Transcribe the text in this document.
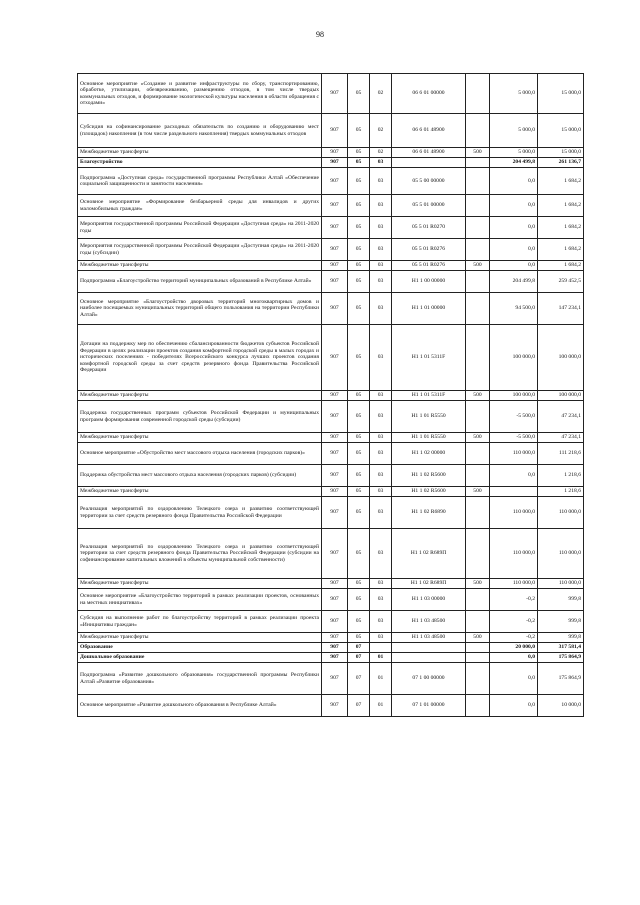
98
Основное мероприятие «Создание и развитие инфраструктуры по сбору, транспортированию, обработке, утилизации, обезвреживанию, размещению отходов, в том числе твердых коммунальных отходов, и формирование экологической культуры населения в области обращения с отходами»	907	05	02	06 6 01 00000		5 000,0	15 000,0
Субсидия на софинансирование расходных обязательств по созданию и оборудованию мест (площадок) накопления (в том числе раздельного накопления) твердых коммунальных отходов	907	05	02	06 6 01 48900		5 000,0	15 000,0
Межбюджетные трансферты	907	05	02	06 6 01 48900	500	5 000,0	15 000,0
Благоустройство	907	05	03			204 499,8	261 136,7
Подпрограмма «Доступная среда» государственной программы Республики Алтай «Обеспечение социальной защищенности и занятости населения»	907	05	03	05 5 00 00000		0,0	1 684,2
Основное мероприятие «Формирование безбарьерной среды для инвалидов и других маломобильных граждан»	907	05	03	05 5 01 00000		0,0	1 684,2
Мероприятия государственной программы Российской Федерации «Доступная среда» на 2011-2020 годы	907	05	03	05 5 01 R0270		0,0	1 684,2
Мероприятия государственной программы Российской Федерации «Доступная среда» на 2011-2020 годы (субсидии)	907	05	03	05 5 01 R0276		0,0	1 684,2
Межбюджетные трансферты	907	05	03	05 5 01 R0276	500	0,0	1 684,2
Подпрограмма «Благоустройство территорий муниципальных образований в Республике Алтай»	907	05	03	Н1 1 00 00000		204 499,8	259 452,5
Основное мероприятие «Благоустройство дворовых территорий многоквартирных домов и наиболее посещаемых муниципальных территорий общего пользования на территории Республики Алтай»	907	05	03	Н1 1 01 00000		94 500,0	147 234,1
Дотации на поддержку мер по обеспечению сбалансированности бюджетов субъектов Российской Федерации в целях реализации проектов создания комфортной городской среды в малых городах и исторических поселениях - победителях Всероссийского конкурса лучших проектов создания комфортной городской среды за счет средств резервного фонда Правительства Российской Федерации	907	05	03	Н1 1 01 5311F		100 000,0	100 000,0
Межбюджетные трансферты	907	05	03	Н1 1 01 5311F	500	100 000,0	100 000,0
Поддержка государственных программ субъектов Российской Федерации и муниципальных программ формирования современной городской среды (субсидии)	907	05	03	Н1 1 01 R5550		-5 500,0	47 234,1
Межбюджетные трансферты	907	05	03	Н1 1 01 R5550	500	-5 500,0	47 234,1
Основное мероприятие «Обустройство мест массового отдыха населения (городских парков)»	907	05	03	Н1 1 02 00000		110 000,0	111 218,6
Поддержка обустройства мест массового отдыха населения (городских парков) (субсидии)	907	05	03	Н1 1 02 R5600		0,0	1 218,6
Межбюджетные трансферты	907	05	03	Н1 1 02 R5600	500		1 218,6
Реализация мероприятий по оздоровлению Телецкого озера и развитию соответствующей территории за счет средств резервного фонда Правительства Российской Федерации	907	05	03	Н1 1 02 R6890		110 000,0	110 000,0
Реализация мероприятий по оздоровлению Телецкого озера и развитию соответствующей территории за счет средств резервного фонда Правительства Российской Федерации (субсидии на софинансирование капитальных вложений в объекты муниципальной собственности)	907	05	03	Н1 1 02 R689П		110 000,0	110 000,0
Межбюджетные трансферты	907	05	03	Н1 1 02 R689П	500	110 000,0	110 000,0
Основное мероприятие «Благоустройство территорий в рамках реализации проектов, основанных на местных инициативах»	907	05	03	Н1 1 03 00000		-0,2	999,8
Субсидия на выполнение работ по благоустройству территорий в рамках реализации проекта «Инициативы граждан»	907	05	03	Н1 1 03 48500		-0,2	999,8
Межбюджетные трансферты	907	05	03	Н1 1 03 48500	500	-0,2	999,8
Образование	907	07				20 000,0	317 581,4
Дошкольное образование	907	07	01			0,0	175 864,9
Подпрограмма «Развитие дошкольного образования» государственной программы Республики Алтай «Развитие образования»	907	07	01	07 1 00 00000		0,0	175 864,9
Основное мероприятие «Развитие дошкольного образования в Республике Алтай»	907	07	01	07 1 01 00000		0,0	10 000,0
